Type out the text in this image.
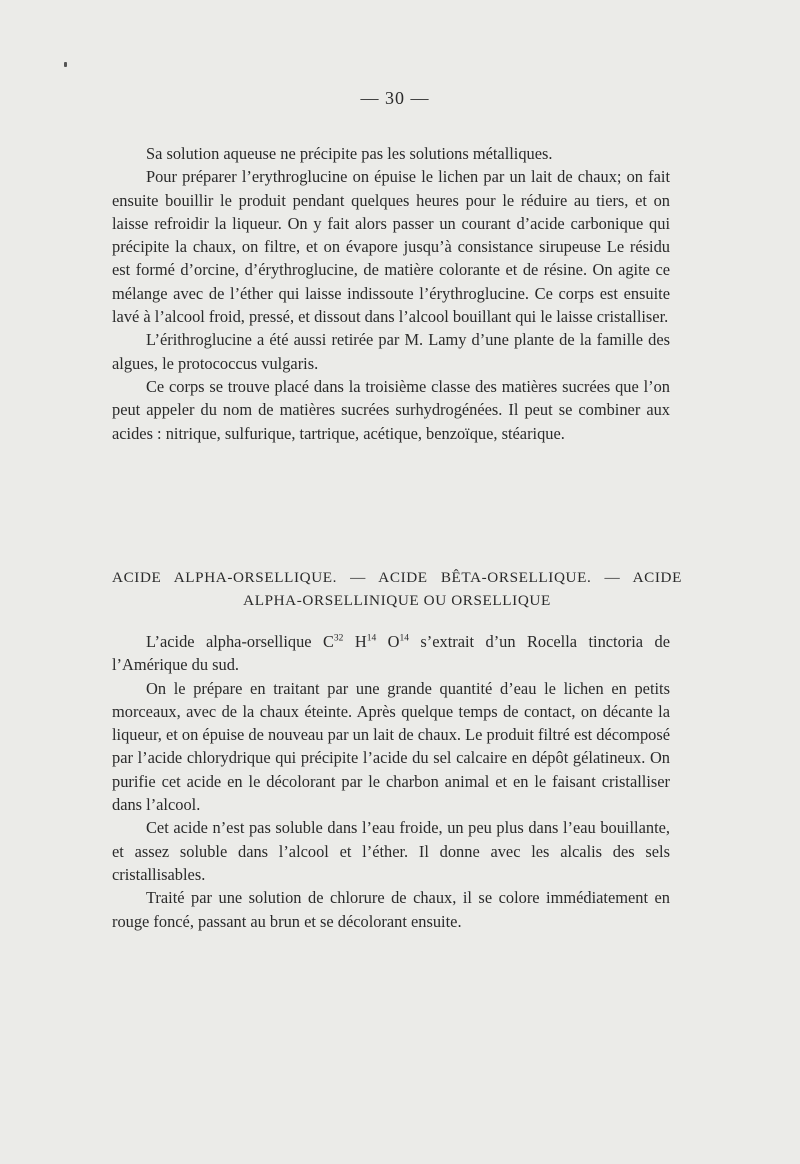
— 30 —

Sa solution aqueuse ne précipite pas les solutions métalliques.

Pour préparer l’erythroglucine on épuise le lichen par un lait de chaux; on fait ensuite bouillir le produit pendant quelques heures pour le réduire au tiers, et on laisse refroidir la liqueur. On y fait alors passer un courant d’acide carbonique qui précipite la chaux, on filtre, et on évapore jusqu’à consistance sirupeuse Le résidu est formé d’orcine, d’érythroglucine, de matière colorante et de résine. On agite ce mélange avec de l’éther qui laisse indissoute l’érythroglucine. Ce corps est ensuite lavé à l’alcool froid, pressé, et dissout dans l’alcool bouillant qui le laisse cristalliser.

L’érithroglucine a été aussi retirée par M. Lamy d’une plante de la famille des algues, le protococcus vulgaris.

Ce corps se trouve placé dans la troisième classe des matières sucrées que l’on peut appeler du nom de matières sucrées surhydrogénées. Il peut se combiner aux acides : nitrique, sulfurique, tartrique, acétique, benzoïque, stéarique.

ACIDE ALPHA-ORSELLIQUE. — ACIDE BÊTA-ORSELLIQUE. — ACIDE
ALPHA-ORSELLINIQUE OU ORSELLIQUE

L’acide alpha-orsellique $C^{32}$ $H^{14}$ $O^{14}$ s’extrait d’un Rocella tinctoria de l’Amérique du sud.

On le prépare en traitant par une grande quantité d’eau le lichen en petits morceaux, avec de la chaux éteinte. Après quelque temps de contact, on décante la liqueur, et on épuise de nouveau par un lait de chaux. Le produit filtré est décomposé par l’acide chlorydrique qui précipite l’acide du sel calcaire en dépôt gélatineux. On purifie cet acide en le décolorant par le charbon animal et en le faisant cristalliser dans l’alcool.

Cet acide n’est pas soluble dans l’eau froide, un peu plus dans l’eau bouillante, et assez soluble dans l’alcool et l’éther. Il donne avec les alcalis des sels cristallisables.

Traité par une solution de chlorure de chaux, il se colore immédiatement en rouge foncé, passant au brun et se décolorant ensuite.
